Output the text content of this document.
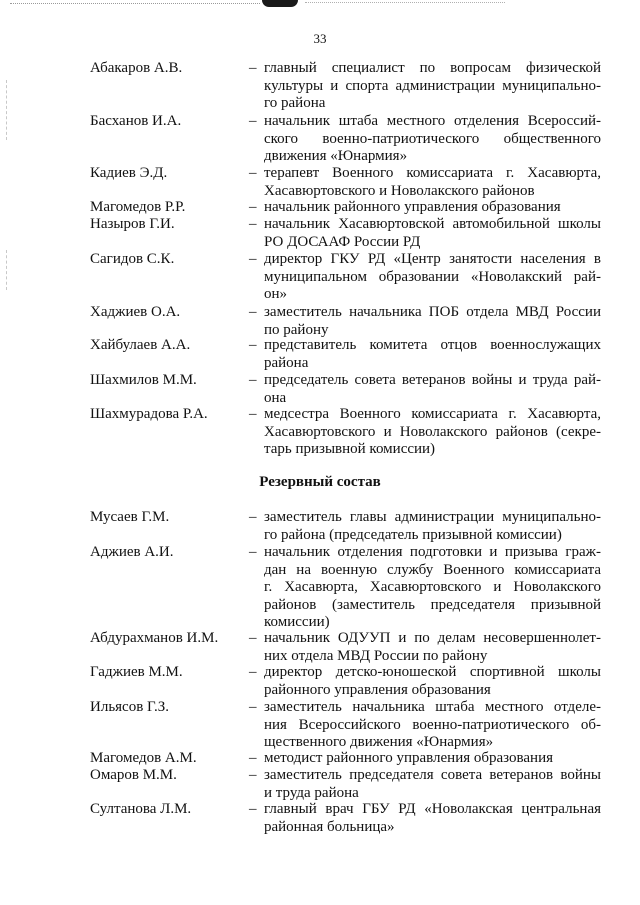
33
Абакаров А.В.	– главный специалист по вопросам физической
культуры и спорта администрации муниципально-
го района
Басханов И.А.	– начальник штаба местного отделения Всероссий-
ского военно-патриотического общественного
движения «Юнармия»
Кадиев Э.Д.	– терапевт Военного комиссариата г. Хасавюрта,
Хасавюртовского и Новолакского районов
Магомедов Р.Р.	– начальник районного управления образования
Назыров Г.И.	– начальник Хасавюртовской автомобильной школы
РО ДОСААФ России РД
Сагидов С.К.	– директор ГКУ РД «Центр занятости населения в
муниципальном образовании «Новолакский рай-
он»
Хаджиев О.А.	– заместитель начальника ПОБ отдела МВД России
по району
Хайбулаев А.А.	– представитель комитета отцов военнослужащих
района
Шахмилов М.М.	– председатель совета ветеранов войны и труда рай-
она
Шахмурадова Р.А.	– медсестра Военного комиссариата г. Хасавюрта,
Хасавюртовского и Новолакского районов (секре-
тарь призывной комиссии)
Резервный состав
Мусаев Г.М.	– заместитель главы администрации муниципально-
го района (председатель призывной комиссии)
Аджиев А.И.	– начальник отделения подготовки и призыва граж-
дан на военную службу Военного комиссариата
г. Хасавюрта, Хасавюртовского и Новолакского
районов (заместитель председателя призывной
комиссии)
Абдурахманов И.М. – начальник ОДУУП и по делам несовершеннолет-
них отдела МВД России по району
Гаджиев М.М.	– директор детско-юношеской спортивной школы
районного управления образования
Ильясов Г.З.	– заместитель начальника штаба местного отделе-
ния Всероссийского военно-патриотического об-
щественного движения «Юнармия»
Магомедов А.М.	– методист районного управления образования
Омаров М.М.	– заместитель председателя совета ветеранов войны
и труда района
Султанова Л.М.	– главный врач ГБУ РД «Новолакская центральная
районная больница»
